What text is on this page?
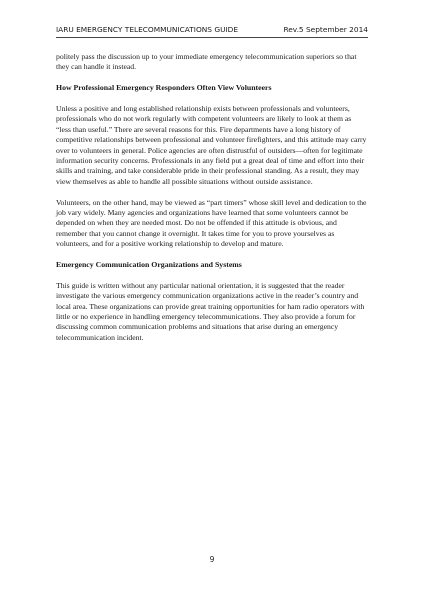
IARU EMERGENCY TELECOMMUNICATIONS GUIDE	Rev.5 September 2014

politely pass the discussion up to your immediate emergency telecommunication superiors so that they can handle it instead.

How Professional Emergency Responders Often View Volunteers

Unless a positive and long established relationship exists between professionals and volunteers, professionals who do not work regularly with competent volunteers are likely to look at them as “less than useful.” There are several reasons for this. Fire departments have a long history of competitive relationships between professional and volunteer firefighters, and this attitude may carry over to volunteers in general. Police agencies are often distrustful of outsiders—often for legitimate information security concerns. Professionals in any field put a great deal of time and effort into their skills and training, and take considerable pride in their professional standing. As a result, they may view themselves as able to handle all possible situations without outside assistance.

Volunteers, on the other hand, may be viewed as “part timers” whose skill level and dedication to the job vary widely. Many agencies and organizations have learned that some volunteers cannot be depended on when they are needed most. Do not be offended if this attitude is obvious, and remember that you cannot change it overnight. It takes time for you to prove yourselves as volunteers, and for a positive working relationship to develop and mature.

Emergency Communication Organizations and Systems

This guide is written without any particular national orientation, it is suggested that the reader investigate the various emergency communication organizations active in the reader’s country and local area. These organizations can provide great training opportunities for ham radio operators with little or no experience in handling emergency telecommunications. They also provide a forum for discussing common communication problems and situations that arise during an emergency telecommunication incident.

9
